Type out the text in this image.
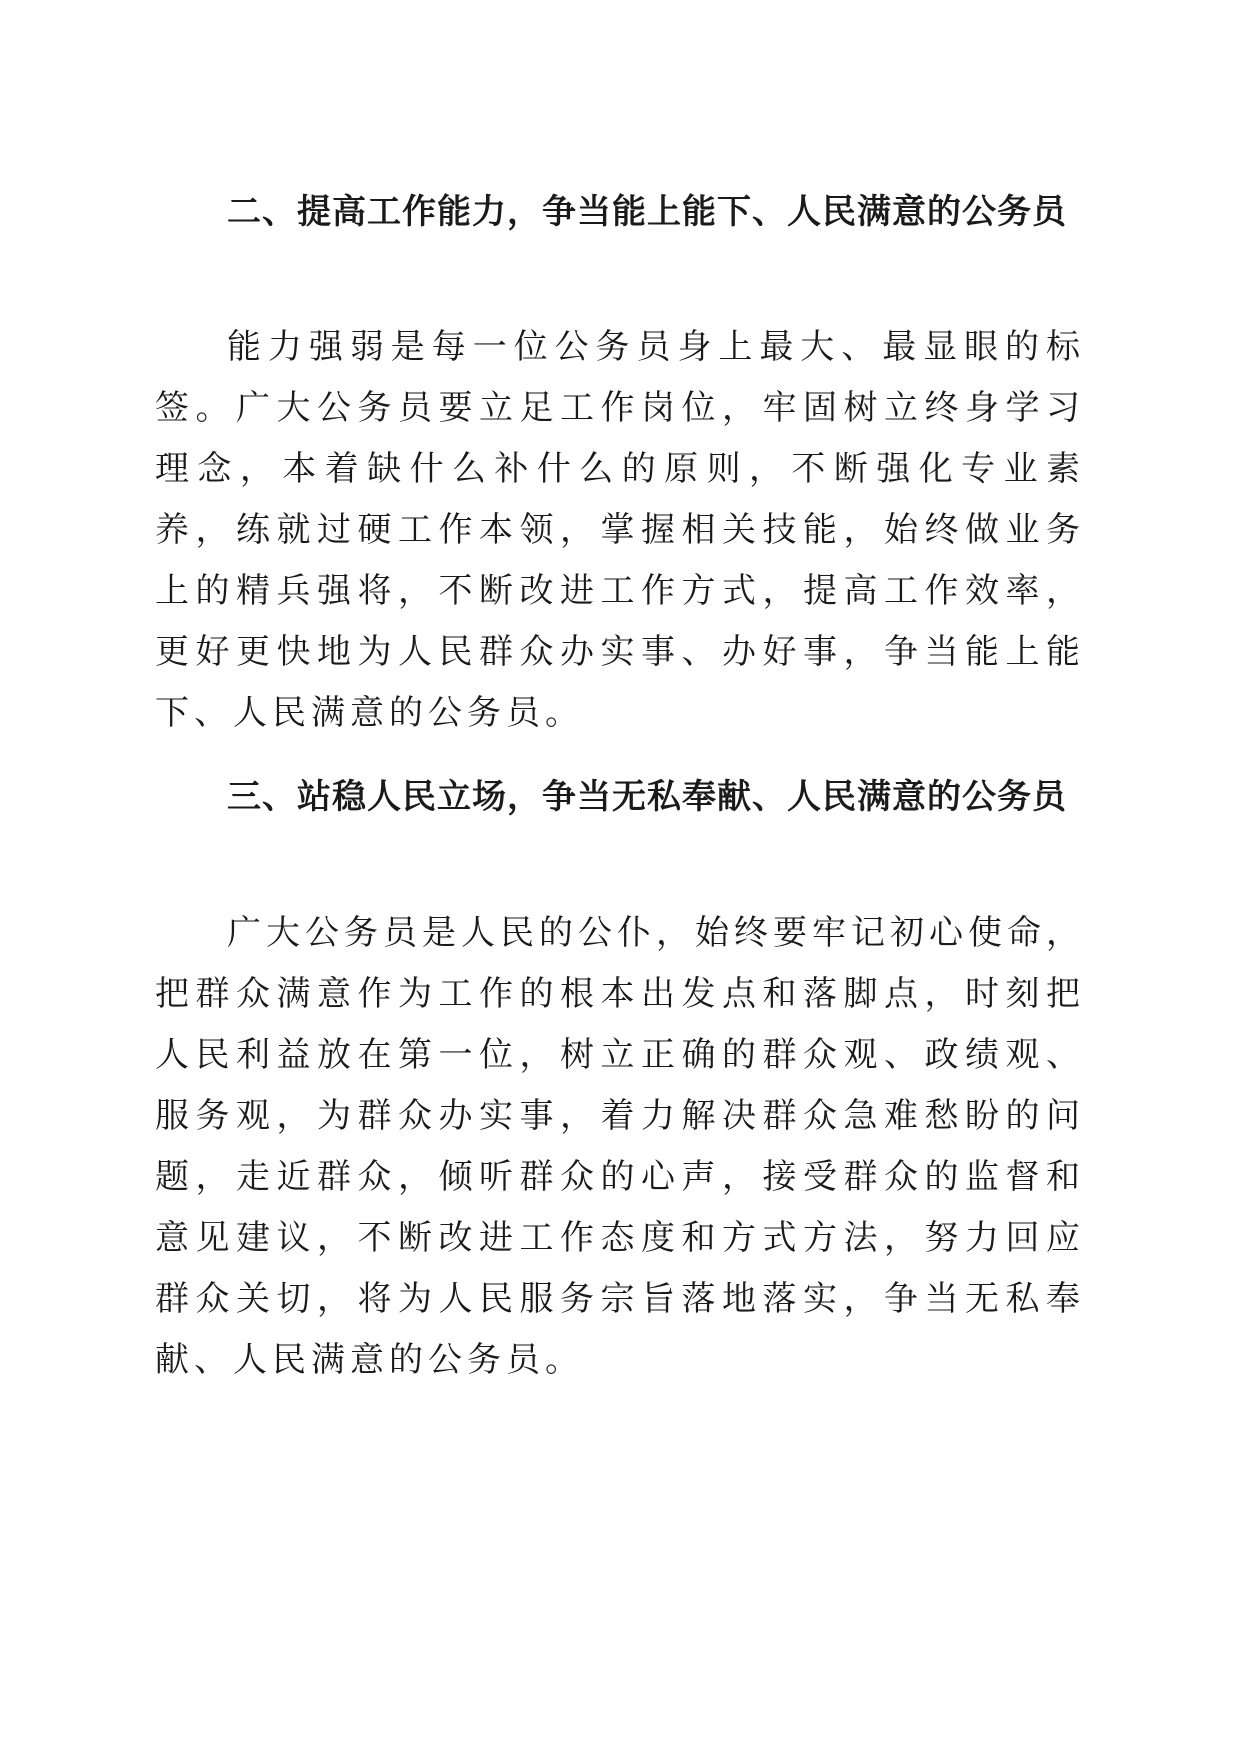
二、提高工作能力，争当能上能下、人民满意的公务员
能力强弱是每一位公务员身上最大、最显眼的标签。广大公务员要立足工作岗位，牢固树立终身学习理念，本着缺什么补什么的原则，不断强化专业素养，练就过硬工作本领，掌握相关技能，始终做业务上的精兵强将，不断改进工作方式，提高工作效率，更好更快地为人民群众办实事、办好事，争当能上能下、人民满意的公务员。
三、站稳人民立场，争当无私奉献、人民满意的公务员
广大公务员是人民的公仆，始终要牢记初心使命，把群众满意作为工作的根本出发点和落脚点，时刻把人民利益放在第一位，树立正确的群众观、政绩观、服务观，为群众办实事，着力解决群众急难愁盼的问题，走近群众，倾听群众的心声，接受群众的监督和意见建议，不断改进工作态度和方式方法，努力回应群众关切，将为人民服务宗旨落地落实，争当无私奉献、人民满意的公务员。
